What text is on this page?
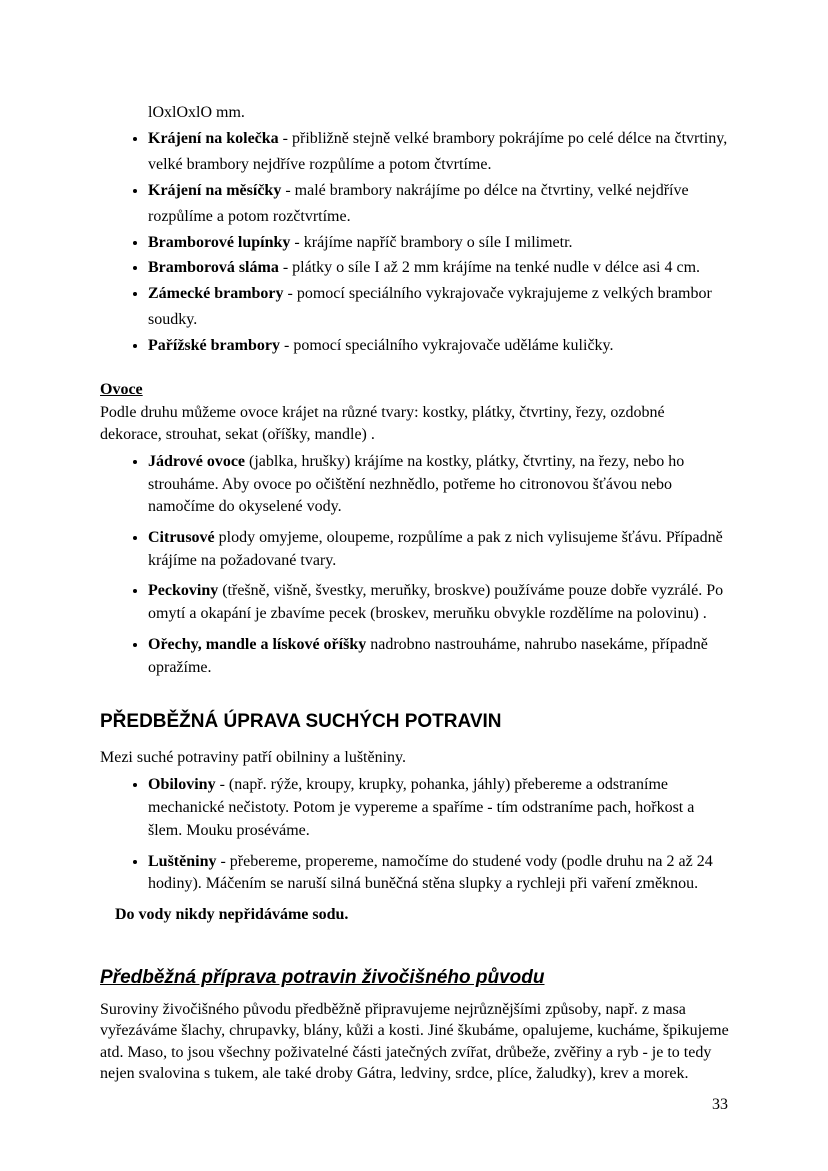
lOxlOxlO mm.

• Krájení na kolečka - přibližně stejně velké brambory pokrájíme po celé délce na čtvrtiny, velké brambory nejdříve rozpůlíme a potom čtvrtíme.
• Krájení na měsíčky - malé brambory nakrájíme po délce na čtvrtiny, velké nejdříve rozpůlíme a potom rozčtvrtíme.
• Bramborové lupínky - krájíme napříč brambory o síle I milimetr.
• Bramborová sláma - plátky o síle I až 2 mm krájíme na tenké nudle v délce asi 4 cm.
• Zámecké brambory - pomocí speciálního vykrajovače vykrajujeme z velkých brambor soudky.
• Pařížské brambory - pomocí speciálního vykrajovače uděláme kuličky.

Ovoce

Podle druhu můžeme ovoce krájet na různé tvary: kostky, plátky, čtvrtiny, řezy, ozdobné dekorace, strouhat, sekat (oříšky, mandle) .

• Jádrové ovoce (jablka, hrušky) krájíme na kostky, plátky, čtvrtiny, na řezy, nebo ho strouháme. Aby ovoce po očištění nezhnědlo, potřeme ho citronovou šťávou nebo namočíme do okyselené vody.
• Citrusové plody omyjeme, oloupeme, rozpůlíme a pak z nich vylisujeme šťávu. Případně krájíme na požadované tvary.
• Peckoviny (třešně, višně, švestky, meruňky, broskve) používáme pouze dobře vyzrálé. Po omytí a okapání je zbavíme pecek (broskev, meruňku obvykle rozdělíme na polovinu) .
• Ořechy, mandle a lískové oříšky nadrobno nastrouháme, nahrubo nasekáme, případně opražíme.
PŘEDBĚŽNÁ ÚPRAVA SUCHÝCH POTRAVIN

Mezi suché potraviny patří obilniny a luštěniny.

• Obiloviny - (např. rýže, kroupy, krupky, pohanka, jáhly) přebereme a odstraníme mechanické nečistoty. Potom je vypereme a spaříme - tím odstraníme pach, hořkost a šlem. Mouku proséváme.
• Luštěniny - přebereme, propereme, namočíme do studené vody (podle druhu na 2 až 24 hodiny). Máčením se naruší silná buněčná stěna slupky a rychleji při vaření změknou.

Do vody nikdy nepřidáváme sodu.

Předběžná příprava potravin živočišného původu

Suroviny živočišného původu předběžně připravujeme nejrůznějšími způsoby, např. z masa vyřezáváme šlachy, chrupavky, blány, kůži a kosti. Jiné škubáme, opalujeme, kucháme, špikujeme atd. Maso, to jsou všechny poživatelné části jatečných zvířat, drůbeže, zvěřiny a ryb - je to tedy nejen svalovina s tukem, ale také droby Gátra, ledviny, srdce, plíce, žaludky), krev a morek.

33
